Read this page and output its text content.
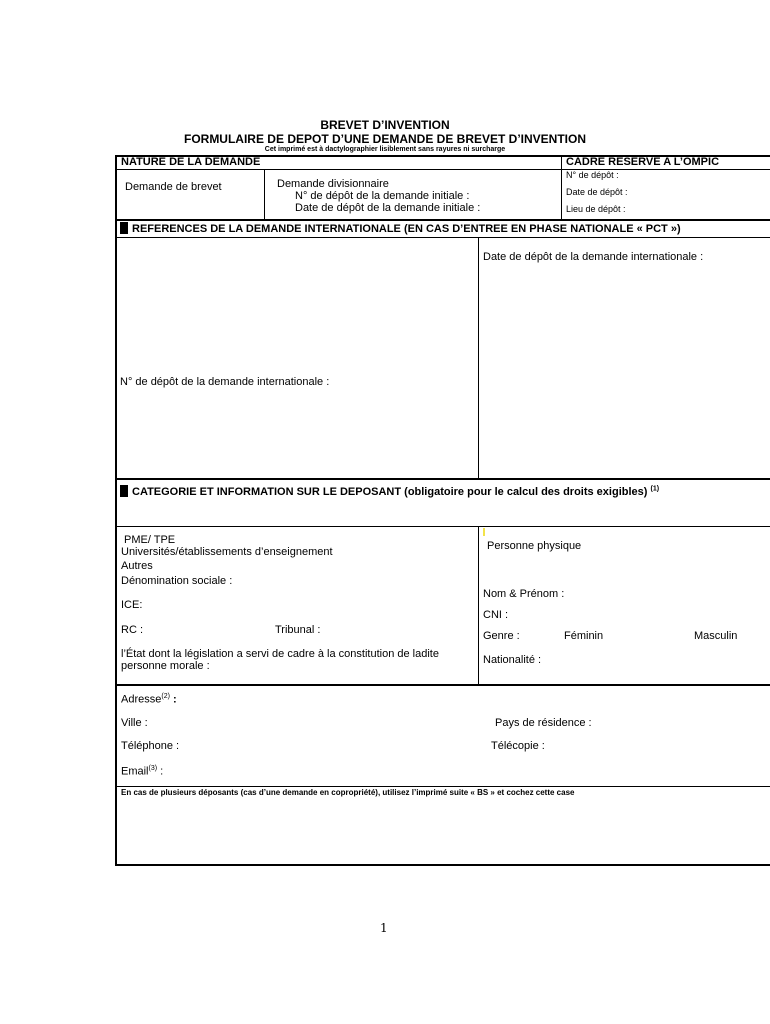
BREVET D’INVENTION
FORMULAIRE DE DEPOT D’UNE DEMANDE DE BREVET D’INVENTION
Cet imprimé est à dactylographier lisiblement sans rayures ni surcharge
NATURE DE LA DEMANDE
Demande de brevet	Demande divisionnaire
N° de dépôt de la demande initiale :
Date de dépôt de la demande initiale :
CADRE RESERVE A L’OMPIC
N° de dépôt :
Date de dépôt :
Lieu de dépôt :
REFERENCES DE LA DEMANDE INTERNATIONALE (EN CAS D’ENTREE EN PHASE NATIONALE « PCT »)
Date de dépôt de la demande internationale :
N° de dépôt de la demande internationale :
CATEGORIE ET INFORMATION SUR LE DEPOSANT (obligatoire pour le calcul des droits exigibles) $^{(1)}$
PME/ TPE
Universités/établissements d’enseignement
Autres
Dénomination sociale :
ICE:
RC :	Tribunal :
l’État dont la législation a servi de cadre à la constitution de ladite
personne morale :
Personne physique
Nom & Prénom :
CNI :
Genre :	Féminin	Masculin
Nationalité :
Adresse$^{(2)}$ :
Ville :	Pays de résidence :
Téléphone :	Télécopie :
Email$^{(3)}$ :
En cas de plusieurs déposants (cas d’une demande en copropriété), utilisez l’imprimé suite « BS » et cochez cette case
1
